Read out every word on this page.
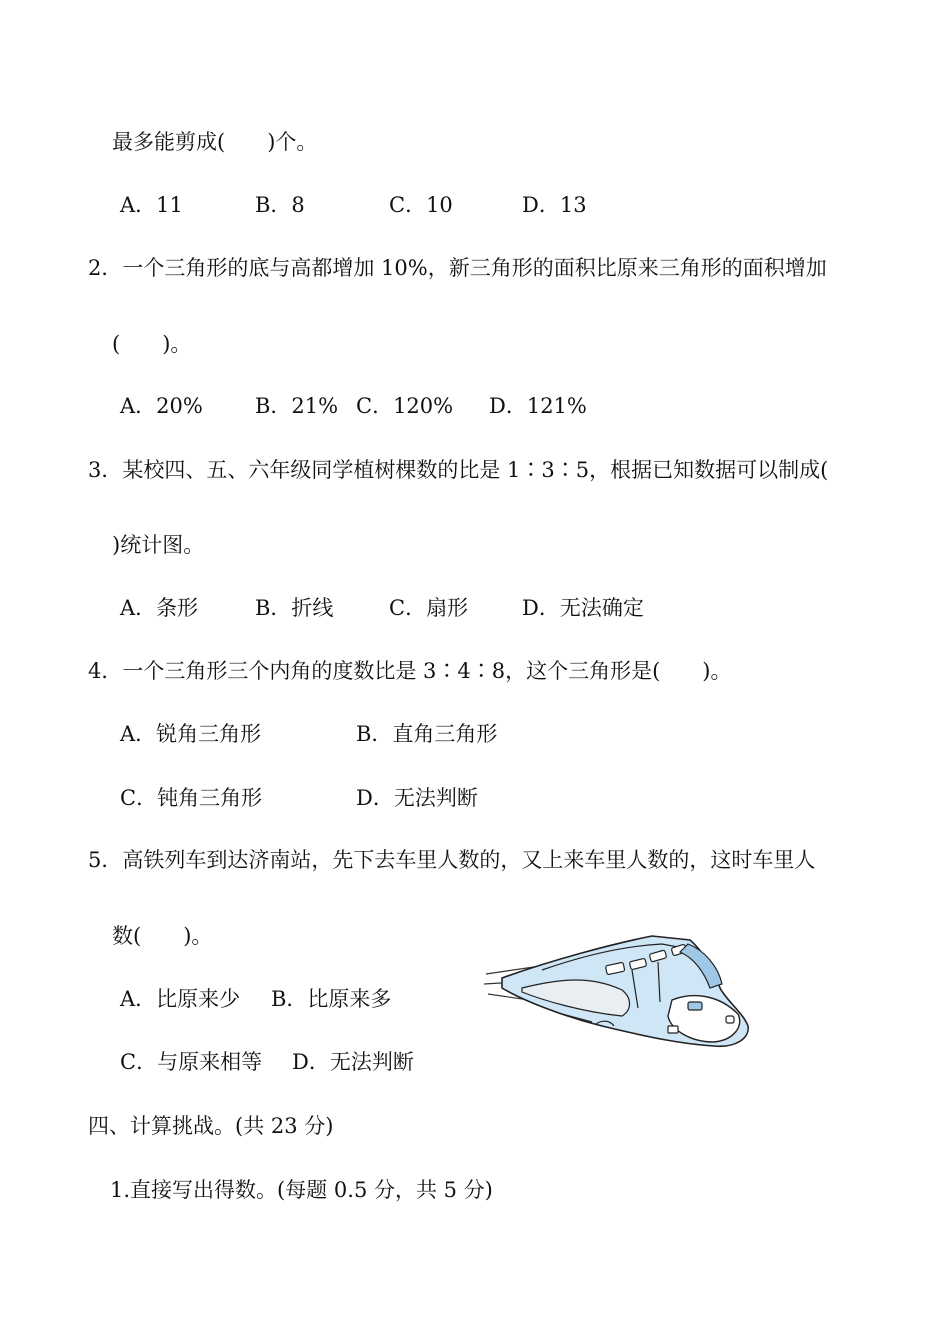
最多能剪成(　　)个。
A．11	B．8	C．10	D．13
2．一个三角形的底与高都增加 10%，新三角形的面积比原来三角形的面积增加
(　　)。
A．20% B．21% C．120% D．121%
3．某校四、五、六年级同学植树棵数的比是 1∶3∶5，根据已知数据可以制成(
)统计图。
A．条形	B．折线	C．扇形	D．无法确定
4．一个三角形三个内角的度数比是 3∶4∶8，这个三角形是(　　)。
A．锐角三角形	B．直角三角形
C．钝角三角形	D．无法判断
5．高铁列车到达济南站，先下去车里人数的，又上来车里人数的，这时车里人
数(　　)。
A．比原来少 B．比原来多
C．与原来相等 D．无法判断
四、计算挑战。(共 23 分)
1.直接写出得数。(每题 0.5 分，共 5 分)
